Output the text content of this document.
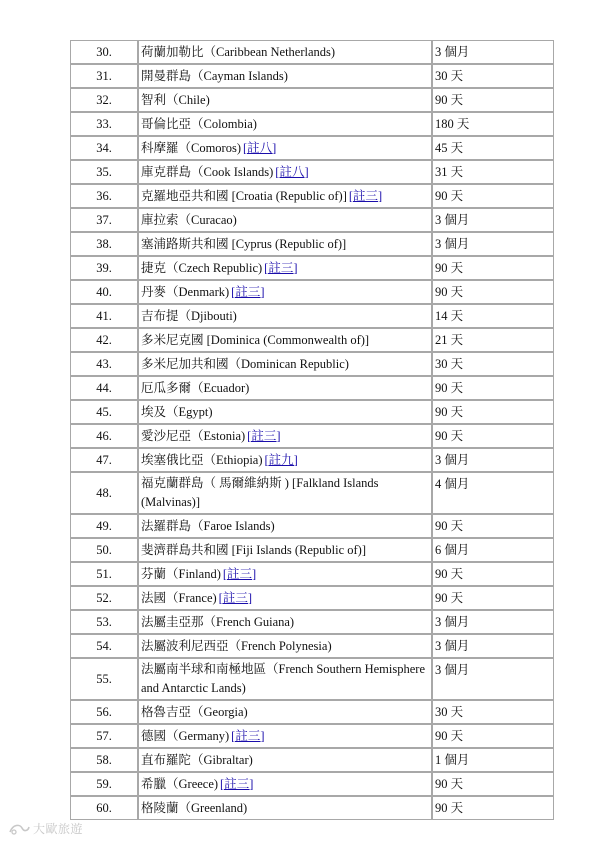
30.	荷蘭加勒比（Caribbean Netherlands)	3 個月
31.	開曼群島（Cayman Islands)	30 天
32.	智利（Chile)	90 天
33.	哥倫比亞（Colombia)	180 天
34.	科摩羅（Comoros) [註八]	45 天
35.	庫克群島（Cook Islands) [註八]	31 天
36.	克羅地亞共和國 [Croatia (Republic of)] [註三]	90 天
37.	庫拉索（Curacao)	3 個月
38.	塞浦路斯共和國 [Cyprus (Republic of)]	3 個月
39.	捷克（Czech Republic) [註三]	90 天
40.	丹麥（Denmark) [註三]	90 天
41.	吉布提（Djibouti)	14 天
42.	多米尼克國 [Dominica (Commonwealth of)]	21 天
43.	多米尼加共和國（Dominican Republic)	30 天
44.	厄瓜多爾（Ecuador)	90 天
45.	埃及（Egypt)	90 天
46.	愛沙尼亞（Estonia) [註三]	90 天
47.	埃塞俄比亞（Ethiopia) [註九]	3 個月
48.	福克蘭群島（ 馬爾維納斯 ) [Falkland Islands (Malvinas)]	4 個月
49.	法羅群島（Faroe Islands)	90 天
50.	斐濟群島共和國 [Fiji Islands (Republic of)]	6 個月
51.	芬蘭（Finland) [註三]	90 天
52.	法國（France) [註三]	90 天
53.	法屬圭亞那（French Guiana)	3 個月
54.	法屬波利尼西亞（French Polynesia)	3 個月
55.	法屬南半球和南極地區（French Southern Hemisphere and Antarctic Lands)	3 個月
56.	格魯吉亞（Georgia)	30 天
57.	德國（Germany) [註三]	90 天
58.	直布羅陀（Gibraltar)	1 個月
59.	希臘（Greece) [註三]	90 天
60.	格陵蘭（Greenland)	90 天
大歐旅遊
